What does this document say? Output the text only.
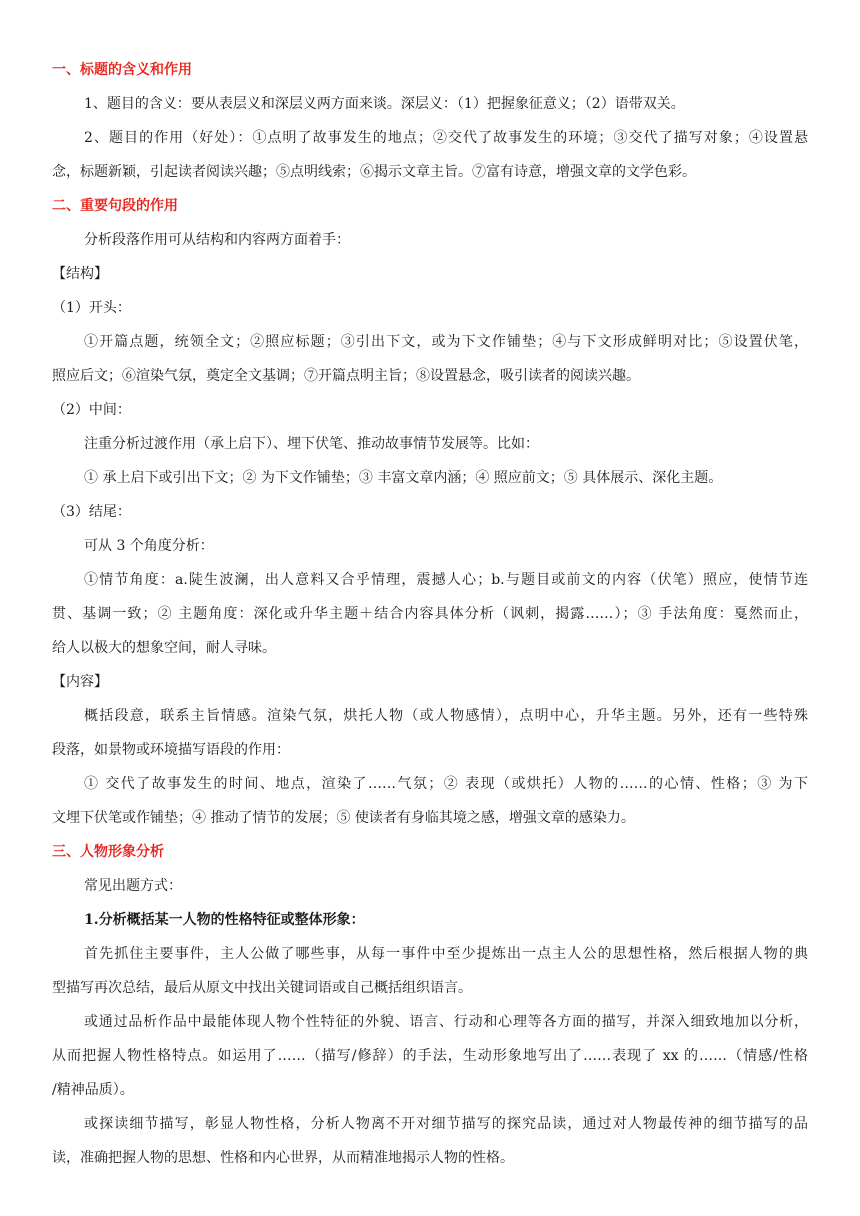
一、标题的含义和作用

1、题目的含义：要从表层义和深层义两方面来谈。深层义：（1）把握象征意义；（2）语带双关。

2、题目的作用（好处）：①点明了故事发生的地点；②交代了故事发生的环境；③交代了描写对象；④设置悬

念，标题新颖，引起读者阅读兴趣；⑤点明线索；⑥揭示文章主旨。⑦富有诗意，增强文章的文学色彩。

二、重要句段的作用

分析段落作用可从结构和内容两方面着手：

【结构】

（1）开头：

①开篇点题，统领全文；②照应标题；③引出下文，或为下文作铺垫；④与下文形成鲜明对比；⑤设置伏笔，

照应后文；⑥渲染气氛，奠定全文基调；⑦开篇点明主旨；⑧设置悬念，吸引读者的阅读兴趣。

（2）中间：

注重分析过渡作用（承上启下）、埋下伏笔、推动故事情节发展等。比如：

① 承上启下或引出下文；② 为下文作铺垫；③ 丰富文章内涵；④ 照应前文；⑤ 具体展示、深化主题。

（3）结尾：

可从 3 个角度分析：

①情节角度：a.陡生波澜，出人意料又合乎情理，震撼人心；b.与题目或前文的内容（伏笔）照应，使情节连

贯、基调一致；② 主题角度：深化或升华主题＋结合内容具体分析（讽刺，揭露……）；③ 手法角度：戛然而止，

给人以极大的想象空间，耐人寻味。

【内容】

概括段意，联系主旨情感。渲染气氛，烘托人物（或人物感情），点明中心，升华主题。另外，还有一些特殊

段落，如景物或环境描写语段的作用：

① 交代了故事发生的时间、地点，渲染了……气氛；② 表现（或烘托）人物的……的心情、性格；③ 为下

文埋下伏笔或作铺垫；④ 推动了情节的发展；⑤ 使读者有身临其境之感，增强文章的感染力。

三、人物形象分析

常见出题方式：

1.分析概括某一人物的性格特征或整体形象：

首先抓住主要事件，主人公做了哪些事，从每一事件中至少提炼出一点主人公的思想性格，然后根据人物的典

型描写再次总结，最后从原文中找出关键词语或自己概括组织语言。

或通过品析作品中最能体现人物个性特征的外貌、语言、行动和心理等各方面的描写，并深入细致地加以分析，

从而把握人物性格特点。如运用了……（描写/修辞）的手法，生动形象地写出了……表现了 xx 的……（情感/性格

/精神品质）。

或探读细节描写，彰显人物性格，分析人物离不开对细节描写的探究品读，通过对人物最传神的细节描写的品

读，准确把握人物的思想、性格和内心世界，从而精准地揭示人物的性格。
